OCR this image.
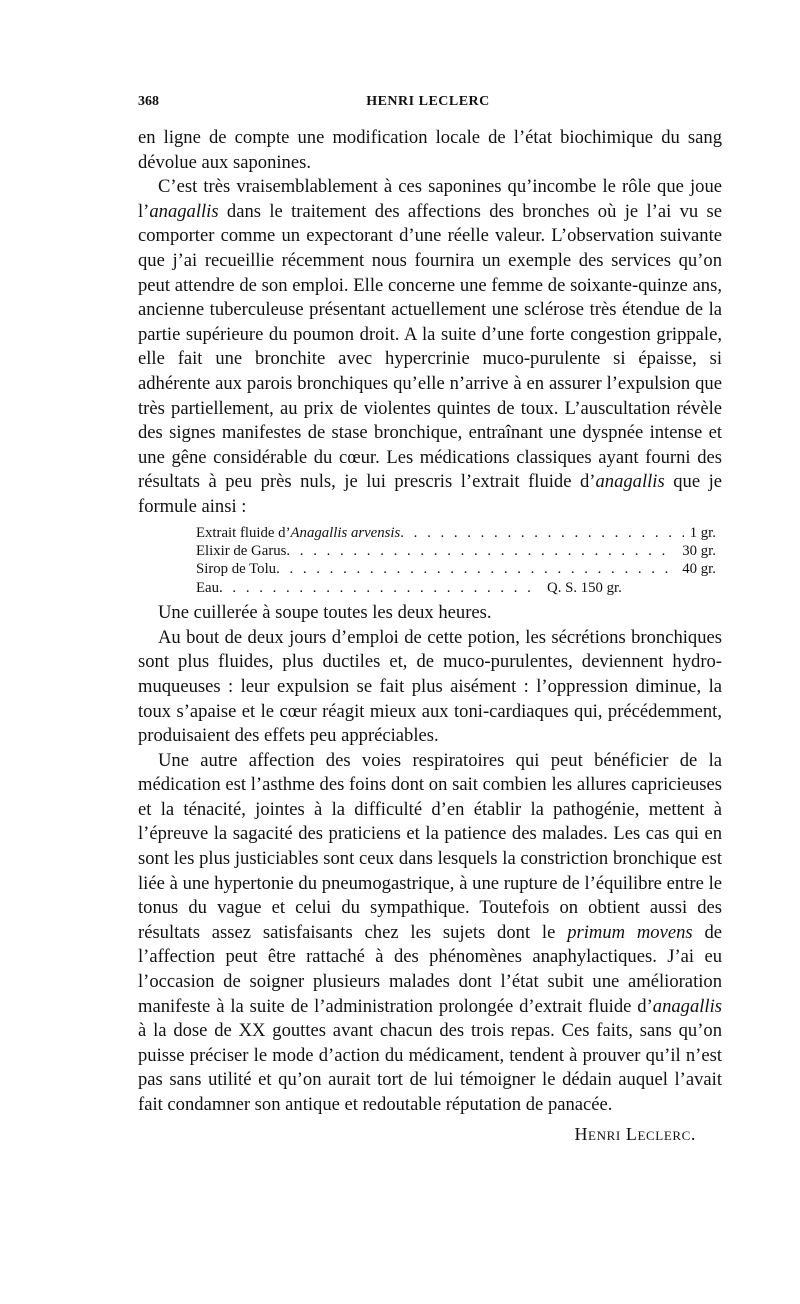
368	HENRI LECLERC

en ligne de compte une modification locale de l’état biochimique du sang dévolue aux saponines.

C’est très vraisemblablement à ces saponines qu’incombe le rôle que joue l’anagallis dans le traitement des affections des bronches où je l’ai vu se comporter comme un expectorant d’une réelle valeur. L’observation suivante que j’ai recueillie récemment nous fournira un exemple des services qu’on peut attendre de son emploi. Elle concerne une femme de soixante-quinze ans, ancienne tuberculeuse présentant actuellement une sclérose très étendue de la partie supérieure du poumon droit. A la suite d’une forte congestion grippale, elle fait une bronchite avec hypercrinie muco-purulente si épaisse, si adhérente aux parois bronchiques qu’elle n’arrive à en assurer l’expulsion que très partiellement, au prix de violentes quintes de toux. L’auscultation révèle des signes manifestes de stase bronchique, entraînant une dyspnée intense et une gêne considérable du cœur. Les médications classiques ayant fourni des résultats à peu près nuls, je lui prescris l’extrait fluide d’anagallis que je formule ainsi :

Extrait fluide d’Anagallis arvensis . . .	1 gr.
Elixir de Garus . . .	30 gr.
Sirop de Tolu . . .	40 gr.
Eau . . .	Q. S. 150 gr.

Une cuillerée à soupe toutes les deux heures.

Au bout de deux jours d’emploi de cette potion, les sécrétions bronchiques sont plus fluides, plus ductiles et, de muco-purulentes, deviennent hydro-muqueuses : leur expulsion se fait plus aisément : l’oppression diminue, la toux s’apaise et le cœur réagit mieux aux toni-cardiaques qui, précédemment, produisaient des effets peu appréciables.

Une autre affection des voies respiratoires qui peut bénéficier de la médication est l’asthme des foins dont on sait combien les allures capricieuses et la ténacité, jointes à la difficulté d’en établir la pathogénie, mettent à l’épreuve la sagacité des praticiens et la patience des malades. Les cas qui en sont les plus justiciables sont ceux dans lesquels la constriction bronchique est liée à une hypertonie du pneumogastrique, à une rupture de l’équilibre entre le tonus du vague et celui du sympathique. Toutefois on obtient aussi des résultats assez satisfaisants chez les sujets dont le primum movens de l’affection peut être rattaché à des phénomènes anaphylactiques. J’ai eu l’occasion de soigner plusieurs malades dont l’état subit une amélioration manifeste à la suite de l’administration prolongée d’extrait fluide d’anagallis à la dose de XX gouttes avant chacun des trois repas. Ces faits, sans qu’on puisse préciser le mode d’action du médicament, tendent à prouver qu’il n’est pas sans utilité et qu’on aurait tort de lui témoigner le dédain auquel l’avait fait condamner son antique et redoutable réputation de panacée.

Henri Leclerc.
